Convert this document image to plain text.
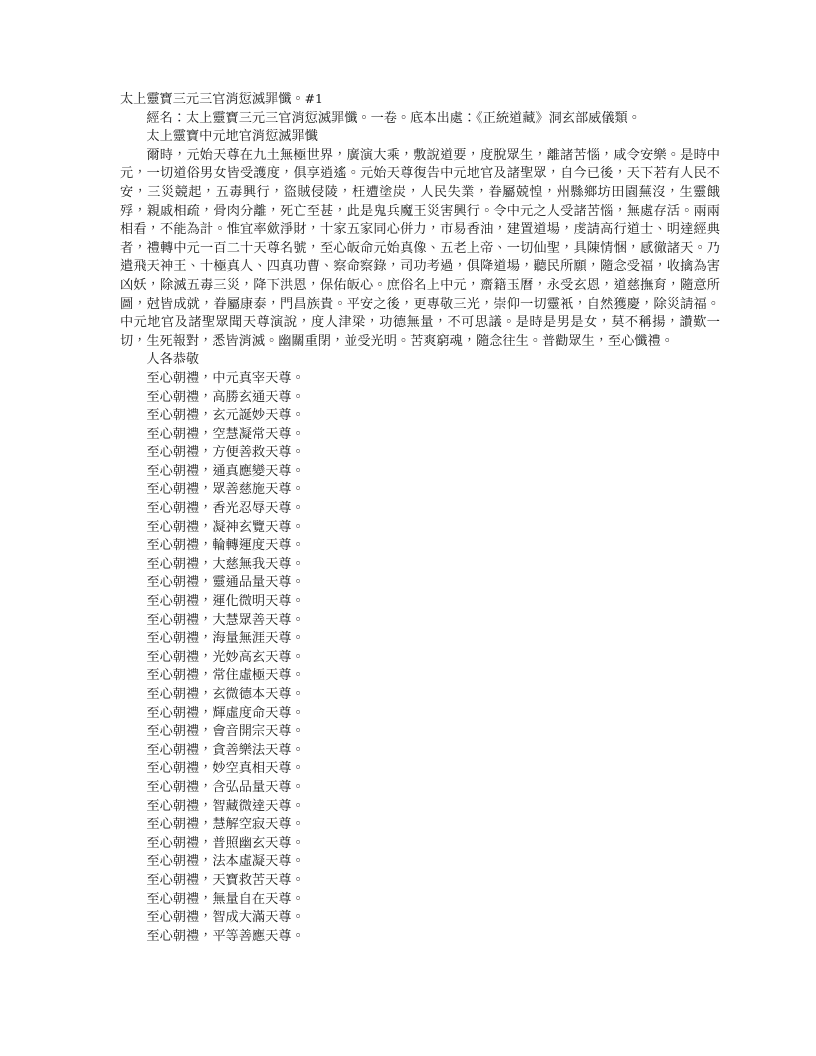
太上靈寶三元三官消愆滅罪懺。#1

經名：太上靈寶三元三官消愆滅罪懺。一卷。底本出處：《正統道藏》洞玄部威儀類。

太上靈寶中元地官消愆滅罪懺

爾時，元始天尊在九土無極世界，廣演大乘，敷說道要，度脫眾生，離諸苦惱，咸令安樂。是時中元，一切道俗男女皆受護度，俱享逍遙。元始天尊復告中元地官及諸聖眾，自今已後，天下若有人民不安，三災競起，五毒興行，盜賊侵陵，枉遭塗炭，人民失業，眷屬兢惶，州縣鄉坊田園蕪沒，生靈餓殍，親戚相疏，骨肉分離，死亡至甚，此是鬼兵魔王災害興行。令中元之人受諸苦惱，無處存活。兩兩相看，不能為計。惟宜率歛淨財，十家五家同心併力，市易香油，建置道場，虔請高行道士、明達經典者，禮轉中元一百二十天尊名號，至心皈命元始真像、五老上帝、一切仙聖，具陳情悃，感徹諸天。乃遣飛天神王、十極真人、四真功曹、察命察錄，司功考過，俱降道場，聽民所願，隨念受福，收擒為害凶妖，除滅五毒三災，降下洪恩，保佑皈心。庶俗名上中元，齋籍玉曆，永受玄恩，道慈撫育，隨意所圖，尅皆成就，眷屬康泰，門昌族貴。平安之後，更專敬三光，崇仰一切靈衹，自然獲慶，除災請福。中元地官及諸聖眾聞天尊演說，度人津梁，功德無量，不可思議。是時是男是女，莫不稱揚，讚歎一切，生死報對，悉皆消滅。幽關重閉，並受光明。苦爽窮魂，隨念往生。普勸眾生，至心懺禮。

人各恭敬

至心朝禮，中元真宰天尊。
至心朝禮，高勝玄通天尊。
至心朝禮，玄元誕妙天尊。
至心朝禮，空慧凝常天尊。
至心朝禮，方便善救天尊。
至心朝禮，通真應變天尊。
至心朝禮，眾善慈施天尊。
至心朝禮，香光忍辱天尊。
至心朝禮，凝神玄覽天尊。
至心朝禮，輪轉運度天尊。
至心朝禮，大慈無我天尊。
至心朝禮，靈通品量天尊。
至心朝禮，運化微明天尊。
至心朝禮，大慧眾善天尊。
至心朝禮，海量無涯天尊。
至心朝禮，光妙高玄天尊。
至心朝禮，常住虛極天尊。
至心朝禮，玄微德本天尊。
至心朝禮，輝虛度命天尊。
至心朝禮，會音開宗天尊。
至心朝禮，貪善樂法天尊。
至心朝禮，妙空真相天尊。
至心朝禮，含弘品量天尊。
至心朝禮，智藏微達天尊。
至心朝禮，慧解空寂天尊。
至心朝禮，普照幽玄天尊。
至心朝禮，法本虛凝天尊。
至心朝禮，天寶救苦天尊。
至心朝禮，無量自在天尊。
至心朝禮，智成大滿天尊。
至心朝禮，平等善應天尊。
